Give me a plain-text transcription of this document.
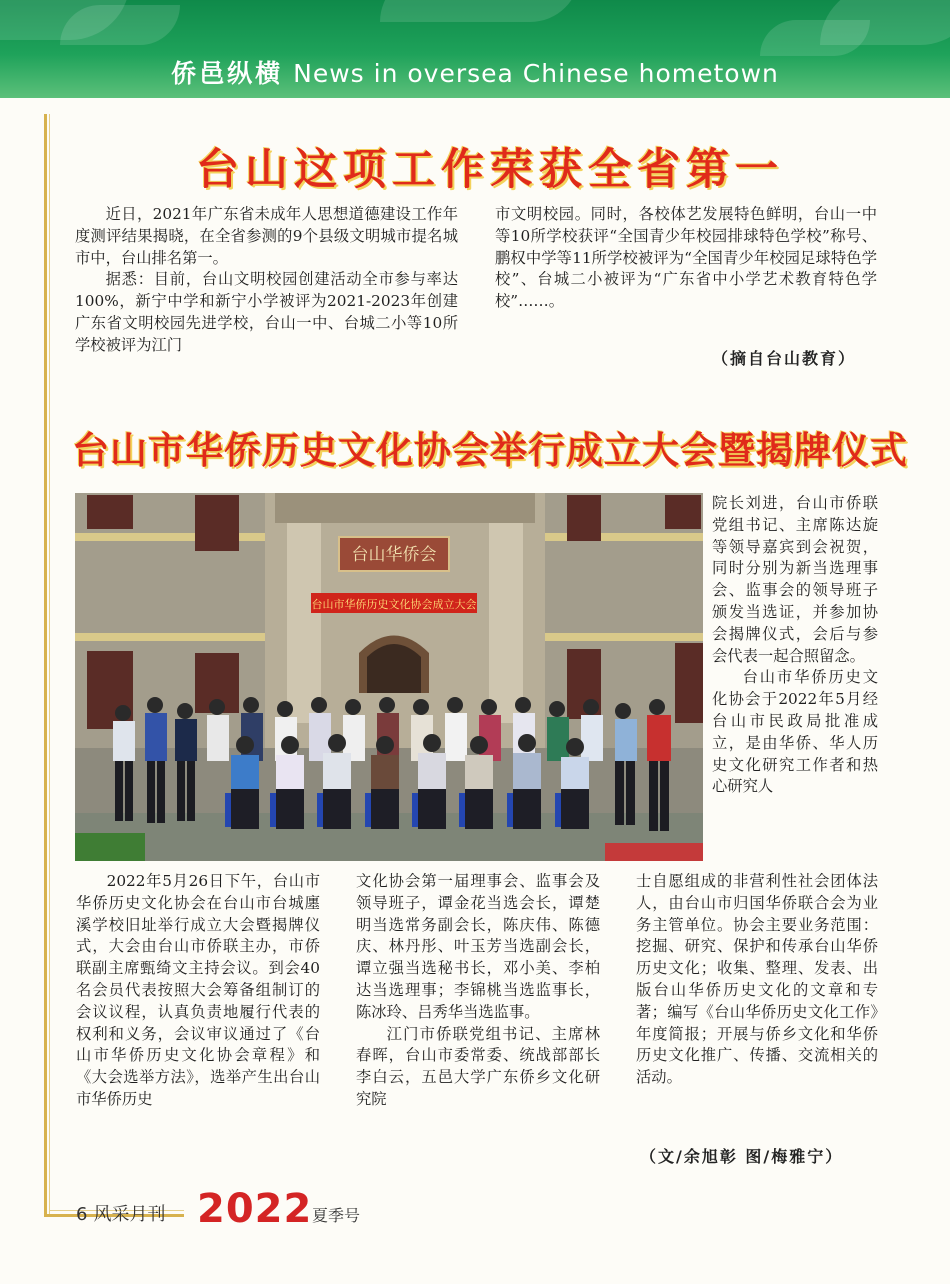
侨邑纵横 News in oversea Chinese hometown
台山这项工作荣获全省第一

近日，2021年广东省未成年人思想道德建设工作年度测评结果揭晓，在全省参测的9个县级文明城市提名城市中，台山排名第一。

据悉：目前，台山文明校园创建活动全市参与率达100%，新宁中学和新宁小学被评为2021-2023年创建广东省文明校园先进学校，台山一中、台城二小等10所学校被评为江门

市文明校园。同时，各校体艺发展特色鲜明，台山一中等10所学校获评“全国青少年校园排球特色学校”称号、鹏权中学等11所学校被评为“全国青少年校园足球特色学校”、台城二小被评为“广东省中小学艺术教育特色学校”……。

（摘自台山教育）
台山市华侨历史文化协会举行成立大会暨揭牌仪式
台山华侨会
台山市华侨历史文化协会成立大会

院长刘进，台山市侨联党组书记、主席陈达旋等领导嘉宾到会祝贺，同时分别为新当选理事会、监事会的领导班子颁发当选证，并参加协会揭牌仪式，会后与参会代表一起合照留念。

台山市华侨历史文化协会于2022年5月经台山市民政局批准成立，是由华侨、华人历史文化研究工作者和热心研究人

2022年5月26日下午，台山市华侨历史文化协会在台山市台城廛溪学校旧址举行成立大会暨揭牌仪式，大会由台山市侨联主办，市侨联副主席甄绮文主持会议。到会40名会员代表按照大会筹备组制订的会议议程，认真负责地履行代表的权利和义务，会议审议通过了《台山市华侨历史文化协会章程》和《大会选举方法》，选举产生出台山市华侨历史

文化协会第一届理事会、监事会及领导班子，谭金花当选会长，谭楚明当选常务副会长，陈庆伟、陈德庆、林丹彤、叶玉芳当选副会长，谭立强当选秘书长，邓小美、李柏达当选理事；李锦桃当选监事长，陈冰玲、吕秀华当选监事。

江门市侨联党组书记、主席林春晖，台山市委常委、统战部部长李白云，五邑大学广东侨乡文化研究院

士自愿组成的非营利性社会团体法人，由台山市归国华侨联合会为业务主管单位。协会主要业务范围：挖掘、研究、保护和传承台山华侨历史文化；收集、整理、发表、出版台山华侨历史文化的文章和专著；编写《台山华侨历史文化工作》年度简报；开展与侨乡文化和华侨历史文化推广、传播、交流相关的活动。

（文/余旭彰 图/梅雅宁）
6 风采月刊 2022 夏季号
